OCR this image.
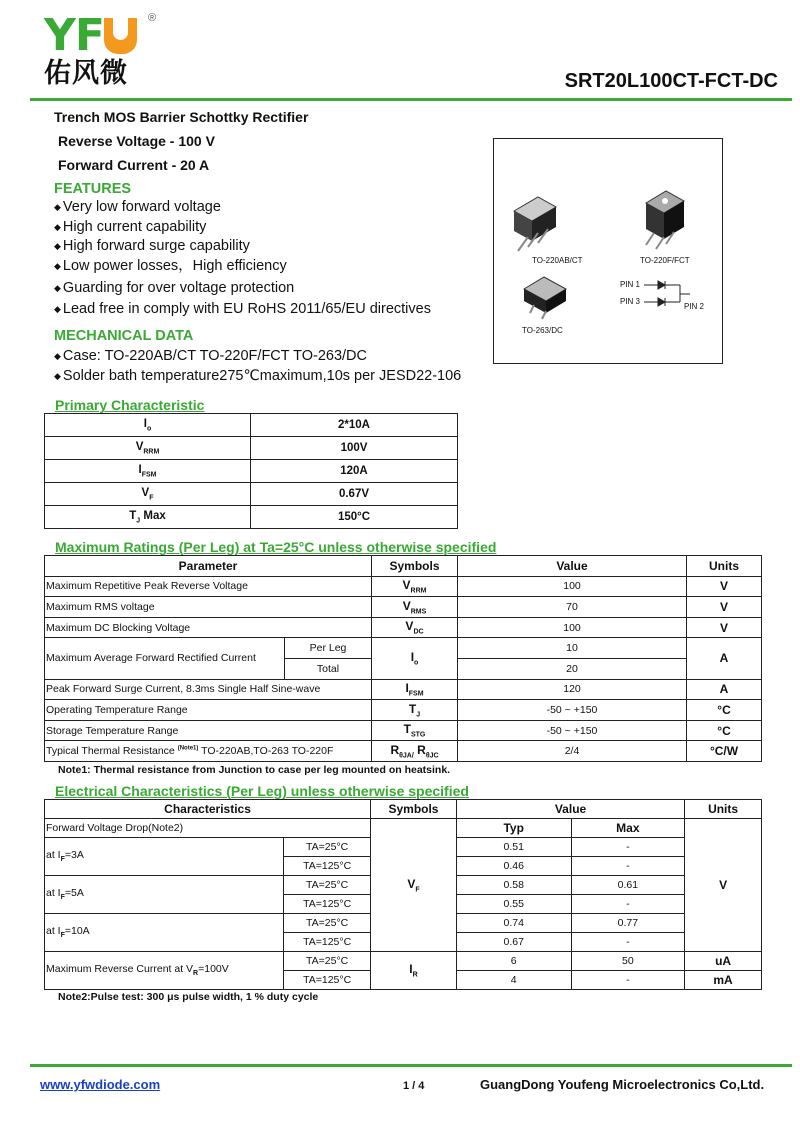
YF	®
佑风微	SRT20L100CT-FCT-DC
Trench MOS Barrier Schottky Rectifier
Reverse Voltage - 100 V
Forward Current - 20 A
FEATURES
◆ Very low forward voltage
◆ High current capability
◆ High forward surge capability
◆ Low power losses，High efficiency
◆ Guarding for over voltage protection
◆ Lead free in comply with EU RoHS 2011/65/EU directives
MECHANICAL DATA
◆ Case: TO-220AB/CT TO-220F/FCT TO-263/DC
◆ Solder bath temperature275℃maximum,10s per JESD22-106
TO-220AB/CT	TO-220F/FCT
TO-263/DC
PIN 1
PIN 3
PIN 2
Primary Characteristic
$I_o$	2*10A
$V_{RRM}$	100V
$I_{FSM}$	120A
$V_F$	0.67V
$T_J$ Max	150°C
Maximum Ratings (Per Leg) at Ta=25°C unless otherwise specified
Parameter		Symbols	Value	Units
Maximum Repetitive Peak Reverse Voltage		$V_{RRM}$	100	V
Maximum RMS voltage		$V_{RMS}$	70	V
Maximum DC Blocking Voltage		$V_{DC}$	100	V
Maximum Average Forward Rectified Current	Per Leg	$I_o$	10	A
	Total		20	
Peak Forward Surge Current, 8.3ms Single Half Sine-wave		$I_{FSM}$	120	A
Operating Temperature Range		$T_J$	-50 ~ +150	°C
Storage Temperature Range		$T_{STG}$	-50 ~ +150	°C
Typical Thermal Resistance $^{(Note1)}$ TO-220AB,TO-263 TO-220F		$R_{\theta JA/}$ $R_{\theta JC}$	2/4	°C/W
Note1: Thermal resistance from Junction to case per leg mounted on heatsink.
Electrical Characteristics (Per Leg) unless otherwise specified
Characteristics		Symbols	Value		Units
Forward Voltage Drop(Note2)		$V_F$	Typ	Max	V
at $I_F=3A$	TA=25°C		0.51	-	
	TA=125°C		0.46	-	
at $I_F=5A$	TA=25°C		0.58	0.61	
	TA=125°C		0.55	-	
at $I_F=10A$	TA=25°C		0.74	0.77	
	TA=125°C		0.67	-	
Maximum Reverse Current at $V_R=100V$	TA=25°C	$I_R$	6	50	uA
	TA=125°C		4	-	mA
Note2:Pulse test: 300 μs pulse width, 1 % duty cycle
www.yfwdiode.com	1 / 4	GuangDong Youfeng Microelectronics Co,Ltd.
